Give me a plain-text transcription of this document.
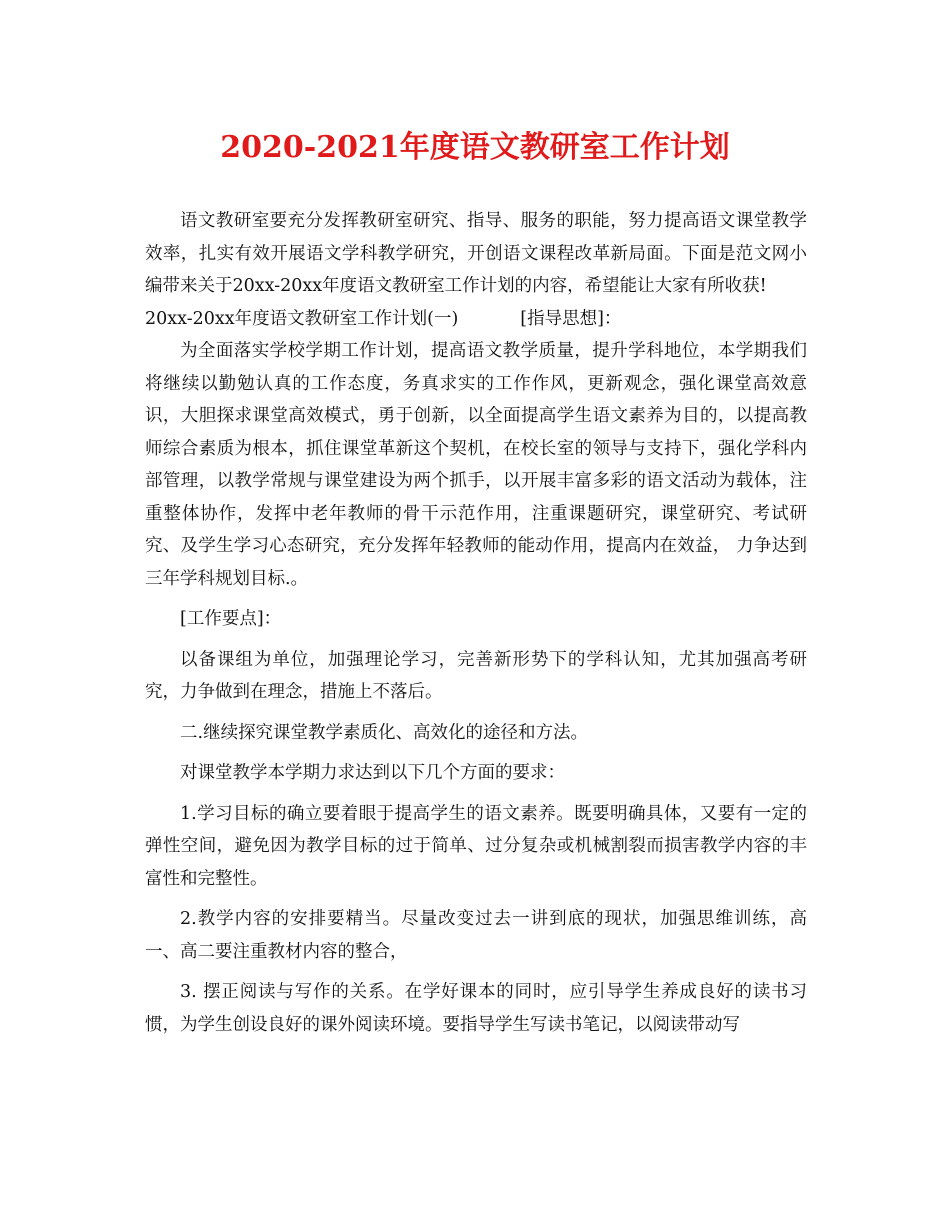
2020-2021年度语文教研室工作计划

语文教研室要充分发挥教研室研究、指导、服务的职能，努力提高语文课堂教学效率，扎实有效开展语文学科教学研究，开创语文课程改革新局面。下面是范文网小编带来关于20xx-20xx年度语文教研室工作计划的内容，希望能让大家有所收获!

20xx-20xx年度语文教研室工作计划(一)	[指导思想]：

为全面落实学校学期工作计划，提高语文教学质量，提升学科地位，本学期我们将继续以勤勉认真的工作态度，务真求实的工作作风，更新观念，强化课堂高效意识，大胆探求课堂高效模式，勇于创新，以全面提高学生语文素养为目的，以提高教师综合素质为根本，抓住课堂革新这个契机，在校长室的领导与支持下，强化学科内部管理，以教学常规与课堂建设为两个抓手，以开展丰富多彩的语文活动为载体，注重整体协作，发挥中老年教师的骨干示范作用，注重课题研究，课堂研究、考试研究、及学生学习心态研究，充分发挥年轻教师的能动作用，提高内在效益， 力争达到三年学科规划目标.。

[工作要点]：

以备课组为单位，加强理论学习，完善新形势下的学科认知，尤其加强高考研究，力争做到在理念，措施上不落后。

二.继续探究课堂教学素质化、高效化的途径和方法。

对课堂教学本学期力求达到以下几个方面的要求：

1.学习目标的确立要着眼于提高学生的语文素养。既要明确具体，又要有一定的弹性空间，避免因为教学目标的过于简单、过分复杂或机械割裂而损害教学内容的丰富性和完整性。

2.教学内容的安排要精当。尽量改变过去一讲到底的现状，加强思维训练，高一、高二要注重教材内容的整合，

3. 摆正阅读与写作的关系。在学好课本的同时，应引导学生养成良好的读书习惯，为学生创设良好的课外阅读环境。要指导学生写读书笔记，以阅读带动写
